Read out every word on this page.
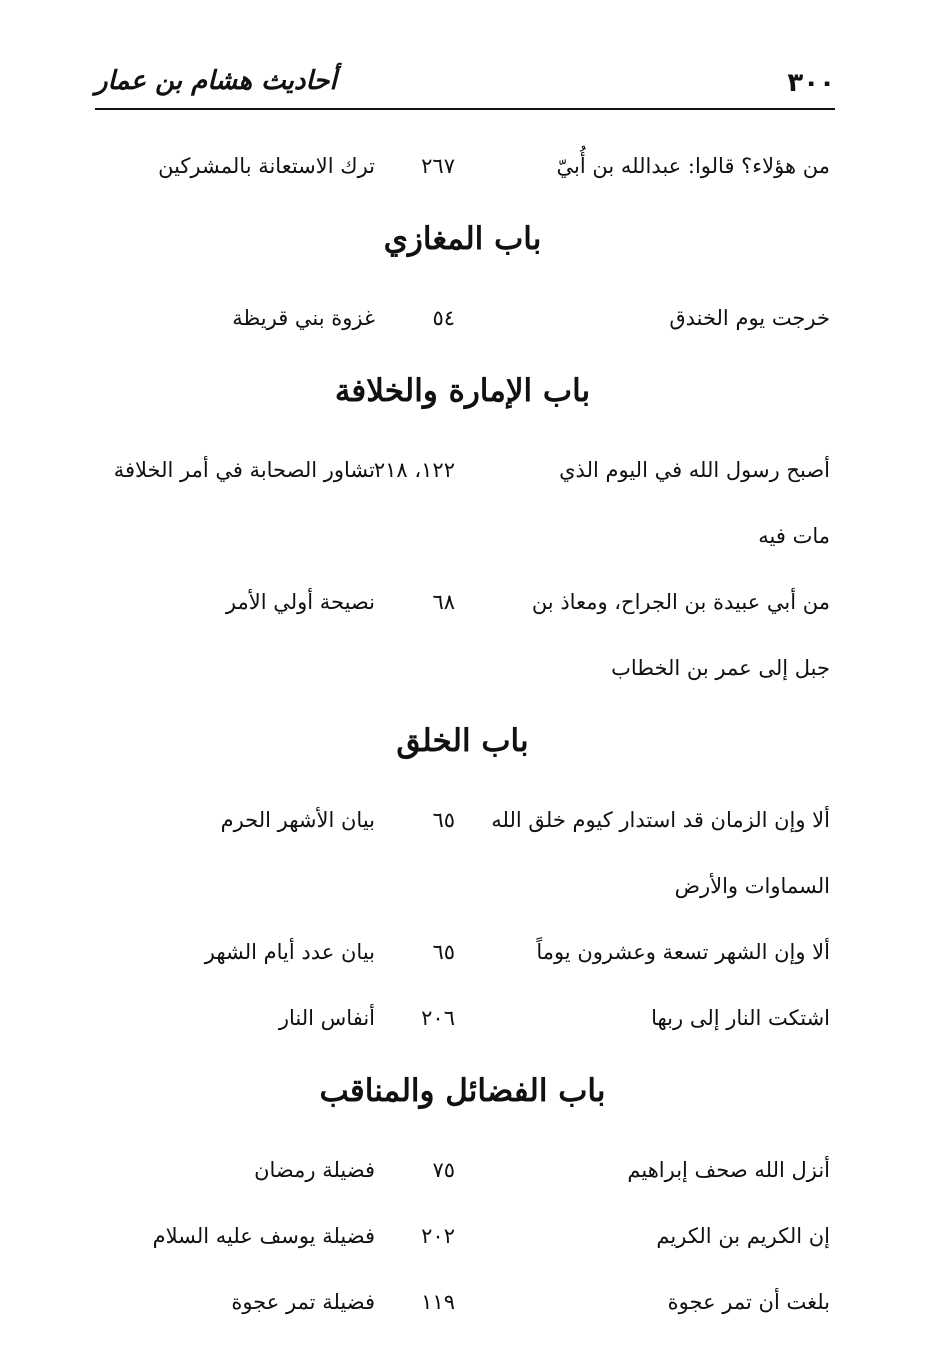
٣٠٠
أحاديث هشام بن عمار
من هؤلاء؟ قالوا: عبدالله بن أُبيّ
٢٦٧
ترك الاستعانة بالمشركين
باب المغازي
خرجت يوم الخندق
٥٤
غزوة بني قريظة
باب الإمارة والخلافة
أصبح رسول الله في اليوم الذي
١٢٢، ٢١٨
تشاور الصحابة في أمر الخلافة
مات فيه
من أبي عبيدة بن الجراح، ومعاذ بن
٦٨
نصيحة أولي الأمر
جبل إلى عمر بن الخطاب
باب الخلق
ألا وإن الزمان قد استدار كيوم خلق الله
٦٥
بيان الأشهر الحرم
السماوات والأرض
ألا وإن الشهر تسعة وعشرون يوماً
٦٥
بيان عدد أيام الشهر
اشتكت النار إلى ربها
٢٠٦
أنفاس النار
باب الفضائل والمناقب
أنزل الله صحف إبراهيم
٧٥
فضيلة رمضان
إن الكريم بن الكريم
٢٠٢
فضيلة يوسف عليه السلام
بلغت أن تمر عجوة
١١٩
فضيلة تمر عجوة
